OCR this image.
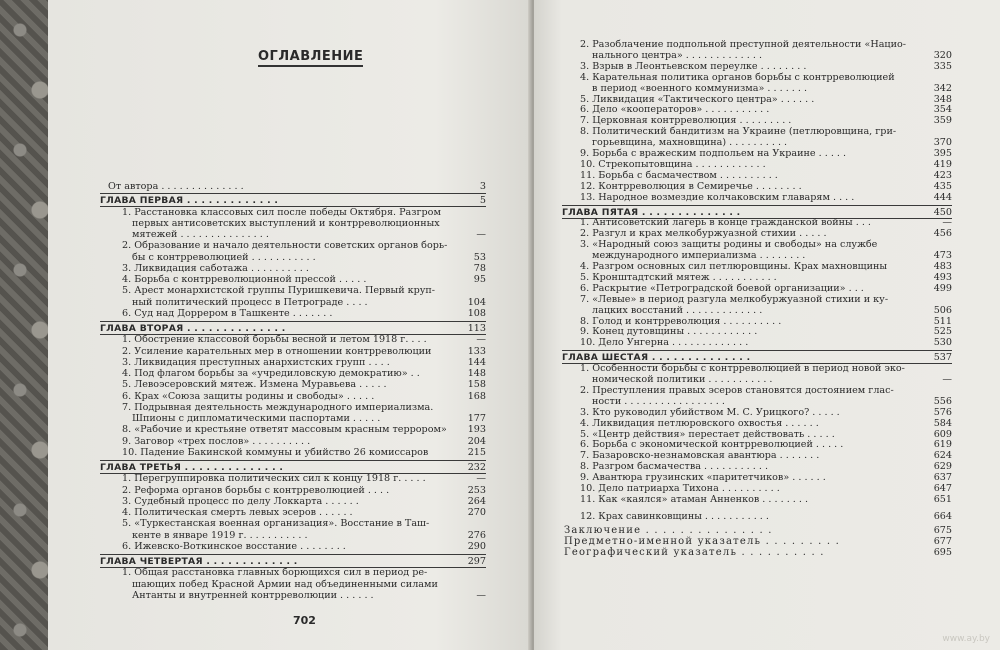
ОГЛАВЛЕНИЕ
702
От автора . . . . . . . . . . . . . .	3
ГЛАВА ПЕРВАЯ . . . . . . . . . . . . .	5
1. Расстановка классовых сил после победы Октября. Разгром
первых антисоветских выступлений и контрреволюционных
мятежей . . . . . . . . . . . . . . .	—
2. Образование и начало деятельности советских органов борь-
бы с контрреволюцией . . . . . . . . . . .	53
3. Ликвидация саботажа . . . . . . . . . .	78
4. Борьба с контрреволюционной прессой . . . . .	95
5. Арест монархистской группы Пуришкевича. Первый круп-
ный политический процесс в Петрограде . . . .	104
6. Суд над Доррером в Ташкенте . . . . . . .	108
ГЛАВА ВТОРАЯ . . . . . . . . . . . . . .	113
1. Обострение классовой борьбы весной и летом 1918 г. . . .	—
2. Усиление карательных мер в отношении контрреволюции	133
3. Ликвидация преступных анархистских групп . . . .	144
4. Под флагом борьбы за «учредиловскую демократию» . .	148
5. Левоэсеровский мятеж. Измена Муравьева . . . . .	158
6. Крах «Союза защиты родины и свободы» . . . . .	168
7. Подрывная деятельность международного империализма.
Шпионы с дипломатическими паспортами . . . . .	177
8. «Рабочие и крестьяне ответят массовым красным террором»	193
9. Заговор «трех послов» . . . . . . . . . .	204
10. Падение Бакинской коммуны и убийство 26 комиссаров	215
ГЛАВА ТРЕТЬЯ . . . . . . . . . . . . . .	232
1. Перегруппировка политических сил к концу 1918 г. . . . .	—
2. Реформа органов борьбы с контрреволюцией . . . .	253
3. Судебный процесс по делу Локкарта . . . . . .	264
4. Политическая смерть левых эсеров . . . . . .	270
5. «Туркестанская военная организация». Восстание в Таш-
кенте в январе 1919 г. . . . . . . . . . .	276
6. Ижевско-Воткинское восстание . . . . . . . .	290
ГЛАВА ЧЕТВЕРТАЯ . . . . . . . . . . . . .	297
1. Общая расстановка главных борющихся сил в период ре-
шающих побед Красной Армии над объединенными силами
Антанты и внутренней контрреволюции . . . . . .	—
www.ay.by
2. Разоблачение подпольной преступной деятельности «Нацио-
нального центра» . . . . . . . . . . . . .	320
3. Взрыв в Леонтьевском переулке . . . . . . . .	335
4. Карательная политика органов борьбы с контрреволюцией
в период «военного коммунизма» . . . . . . .	342
5. Ликвидация «Тактического центра» . . . . . .	348
6. Дело «кооператоров» . . . . . . . . . . .	354
7. Церковная контрреволюция . . . . . . . . .	359
8. Политический бандитизм на Украине (петлюровщина, гри-
горьевщина, махновщина) . . . . . . . . . .	370
9. Борьба с вражеским подпольем на Украине . . . . .	395
10. Стрекопытовщина . . . . . . . . . . . .	419
11. Борьба с басмачеством . . . . . . . . . .	423
12. Контрреволюция в Семиречье . . . . . . . .	435
13. Народное возмездие колчаковским главарям . . . .	444
ГЛАВА ПЯТАЯ . . . . . . . . . . . . . .	450
1. Антисоветский лагерь в конце гражданской войны . . .	—
2. Разгул и крах мелкобуржуазной стихии . . . . .	456
3. «Народный союз защиты родины и свободы» на службе
международного империализма . . . . . . . .	473
4. Разгром основных сил петлюровщины. Крах махновщины	483
5. Кронштадтский мятеж . . . . . . . . . . .	493
6. Раскрытие «Петроградской боевой организации» . . .	499
7. «Левые» в период разгула мелкобуржуазной стихии и ку-
лацких восстаний . . . . . . . . . . . . .	506
8. Голод и контрреволюция . . . . . . . . . .	511
9. Конец дутовщины . . . . . . . . . . . .	525
10. Дело Унгерна . . . . . . . . . . . . .	530
ГЛАВА ШЕСТАЯ . . . . . . . . . . . . . .	537
1. Особенности борьбы с контрреволюцией в период новой эко-
номической политики . . . . . . . . . . .	—
2. Преступления правых эсеров становятся достоянием глас-
ности . . . . . . . . . . . . . . . . .	556
3. Кто руководил убийством М. С. Урицкого? . . . . .	576
4. Ликвидация петлюровского охвостья . . . . . .	584
5. «Центр действия» перестает действовать . . . . .	609
6. Борьба с экономической контрреволюцией . . . . .	619
7. Базаровско-незнамовская авантюра . . . . . . .	624
8. Разгром басмачества . . . . . . . . . . .	629
9. Авантюра грузинских «паритетчиков» . . . . . .	637
10. Дело патриарха Тихона . . . . . . . . . .	647
11. Как «каялся» атаман Анненков . . . . . . . .	651
12. Крах савинковщины . . . . . . . . . . .	664
Заключение . . . . . . . . . . . . . . .	675
Предметно-именной указатель . . . . . . . . .	677
Географический указатель . . . . . . . . . .	695
